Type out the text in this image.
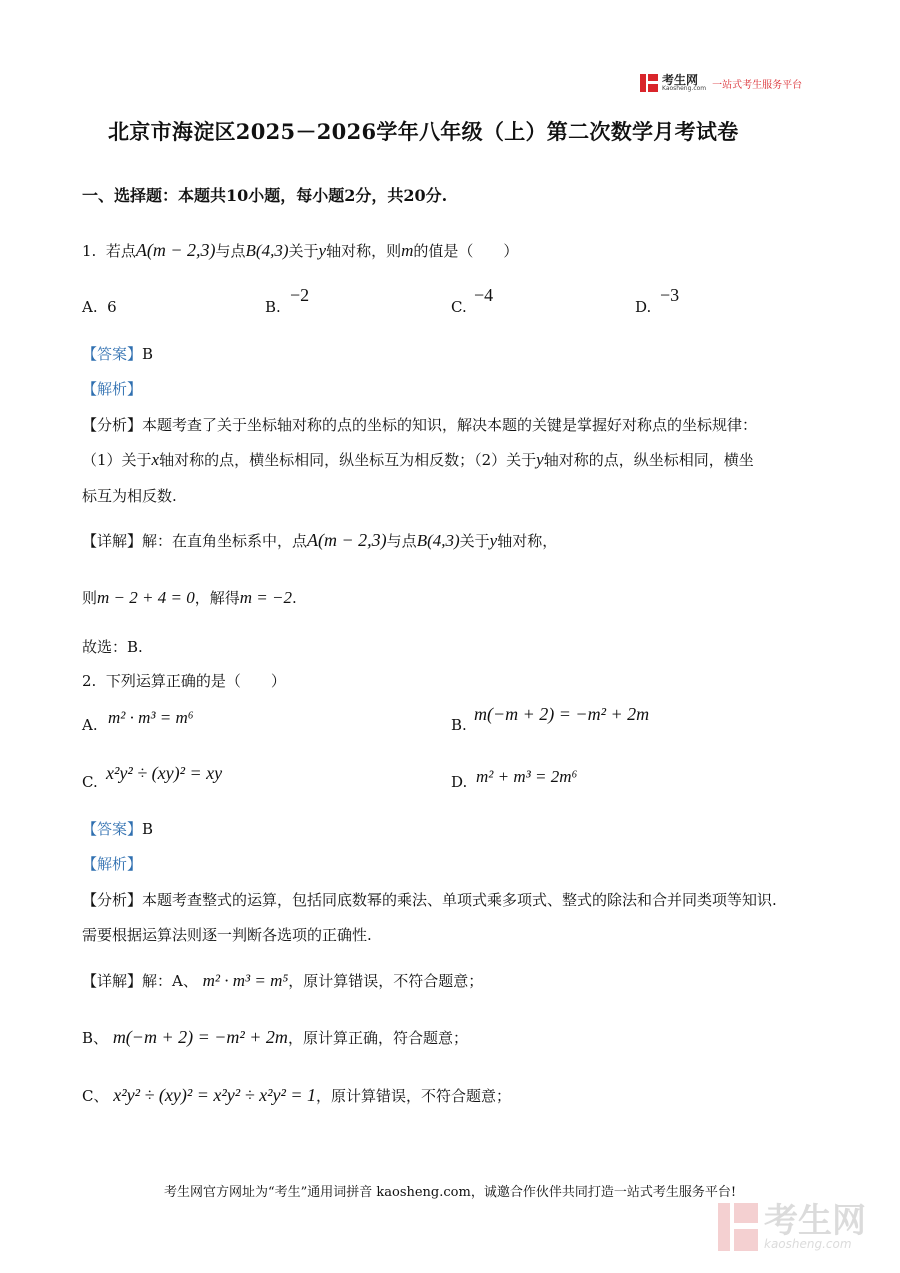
考生网
Kaosheng.com 一站式考生服务平台
北京市海淀区2025－2026学年八年级（上）第二次数学月考试卷
一、选择题：本题共10小题，每小题2分，共20分.
1. 若点A(m − 2,3)与点B(4,3)关于y轴对称，则m的值是（　　）
A. 6	B.
−2
C.
−4
D.
−3
【答案】B
【解析】
【分析】本题考查了关于坐标轴对称的点的坐标的知识，解决本题的关键是掌握好对称点的坐标规律：
（1）关于x轴对称的点，横坐标相同，纵坐标互为相反数；（2）关于y轴对称的点，纵坐标相同，横坐
标互为相反数.
【详解】解：在直角坐标系中，点A(m − 2,3)与点B(4,3)关于y轴对称，
则m − 2 + 4 = 0，解得m = −2.
故选：B.
2. 下列运算正确的是（　　）
A. m² · m³ = m⁶	B.
m(−m + 2) = −m² + 2m
C. x²y² ÷ (xy)² = xy	D. m² + m³ = 2m⁶
【答案】B
【解析】
【分析】本题考查整式的运算，包括同底数幂的乘法、单项式乘多项式、整式的除法和合并同类项等知识.
需要根据运算法则逐一判断各选项的正确性.
【详解】解：A、 m² · m³ = m⁵，原计算错误，不符合题意；
B、 m(−m + 2) = −m² + 2m，原计算正确，符合题意；
C、 x²y² ÷ (xy)² = x²y² ÷ x²y² = 1，原计算错误，不符合题意；
考生网官方网址为“考生”通用词拼音 kaosheng.com，诚邀合作伙伴共同打造一站式考生服务平台!
考生网
kaosheng.com
